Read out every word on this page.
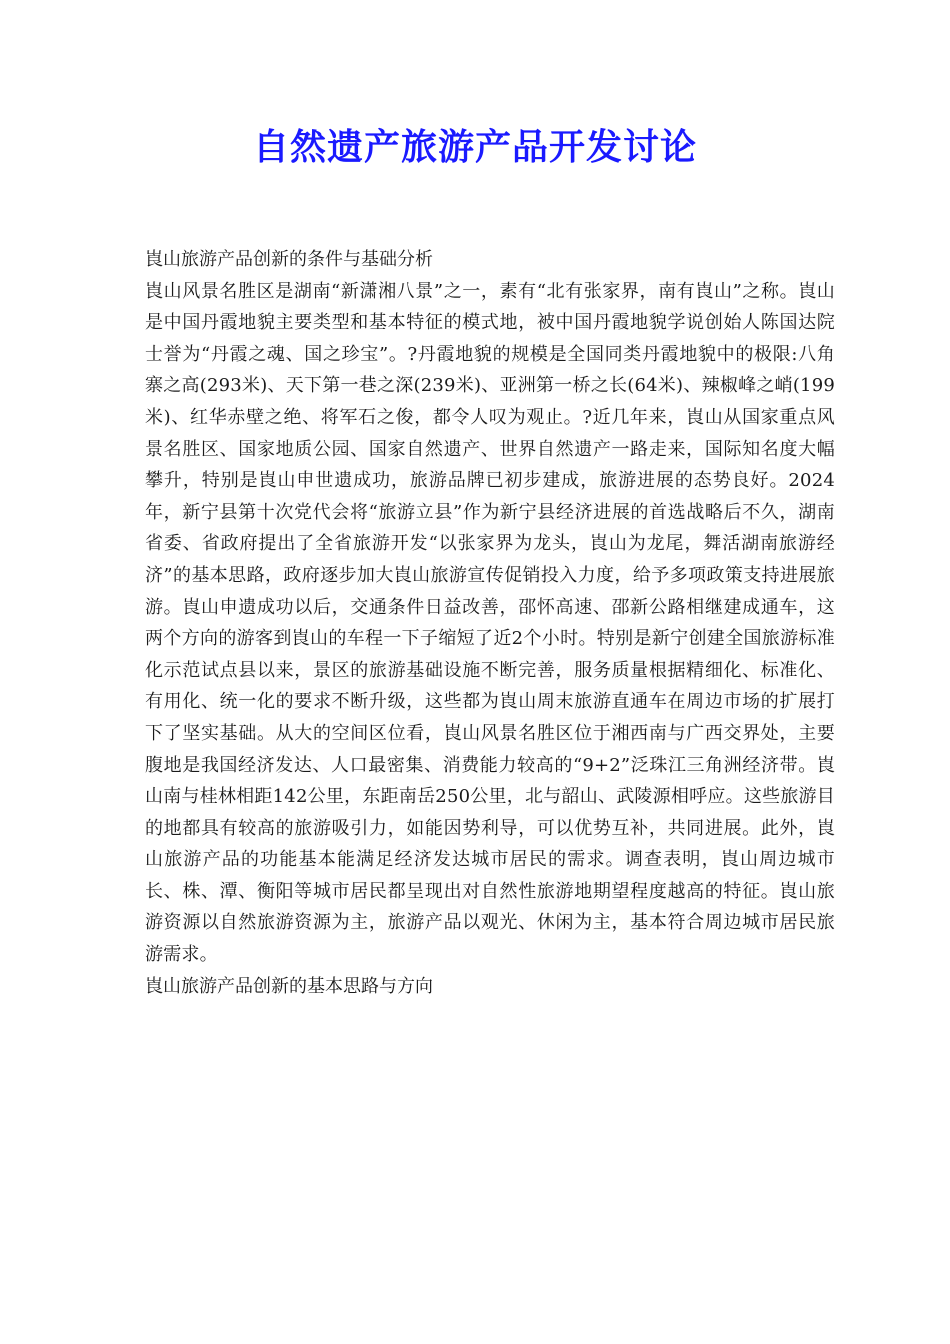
自然遗产旅游产品开发讨论

崀山旅游产品创新的条件与基础分析

崀山风景名胜区是湖南“新潇湘八景”之一，素有“北有张家界，南有崀山”之称。崀山是中国丹霞地貌主要类型和基本特征的模式地，被中国丹霞地貌学说创始人陈国达院士誉为“丹霞之魂、国之珍宝”。?丹霞地貌的规模是全国同类丹霞地貌中的极限:八角寨之高(293米)、天下第一巷之深(239米)、亚洲第一桥之长(64米)、辣椒峰之峭(199米)、红华赤壁之绝、将军石之俊，都令人叹为观止。?近几年来，崀山从国家重点风景名胜区、国家地质公园、国家自然遗产、世界自然遗产一路走来，国际知名度大幅攀升，特别是崀山申世遗成功，旅游品牌已初步建成，旅游进展的态势良好。2024年，新宁县第十次党代会将“旅游立县”作为新宁县经济进展的首选战略后不久，湖南省委、省政府提出了全省旅游开发“以张家界为龙头，崀山为龙尾，舞活湖南旅游经济”的基本思路，政府逐步加大崀山旅游宣传促销投入力度，给予多项政策支持进展旅游。崀山申遗成功以后，交通条件日益改善，邵怀高速、邵新公路相继建成通车，这两个方向的游客到崀山的车程一下子缩短了近2个小时。特别是新宁创建全国旅游标准化示范试点县以来，景区的旅游基础设施不断完善，服务质量根据精细化、标准化、有用化、统一化的要求不断升级，这些都为崀山周末旅游直通车在周边市场的扩展打下了坚实基础。从大的空间区位看，崀山风景名胜区位于湘西南与广西交界处，主要腹地是我国经济发达、人口最密集、消费能力较高的“9+2”泛珠江三角洲经济带。崀山南与桂林相距142公里，东距南岳250公里，北与韶山、武陵源相呼应。这些旅游目的地都具有较高的旅游吸引力，如能因势利导，可以优势互补，共同进展。此外，崀山旅游产品的功能基本能满足经济发达城市居民的需求。调查表明，崀山周边城市长、株、潭、衡阳等城市居民都呈现出对自然性旅游地期望程度越高的特征。崀山旅游资源以自然旅游资源为主，旅游产品以观光、休闲为主，基本符合周边城市居民旅游需求。

崀山旅游产品创新的基本思路与方向
